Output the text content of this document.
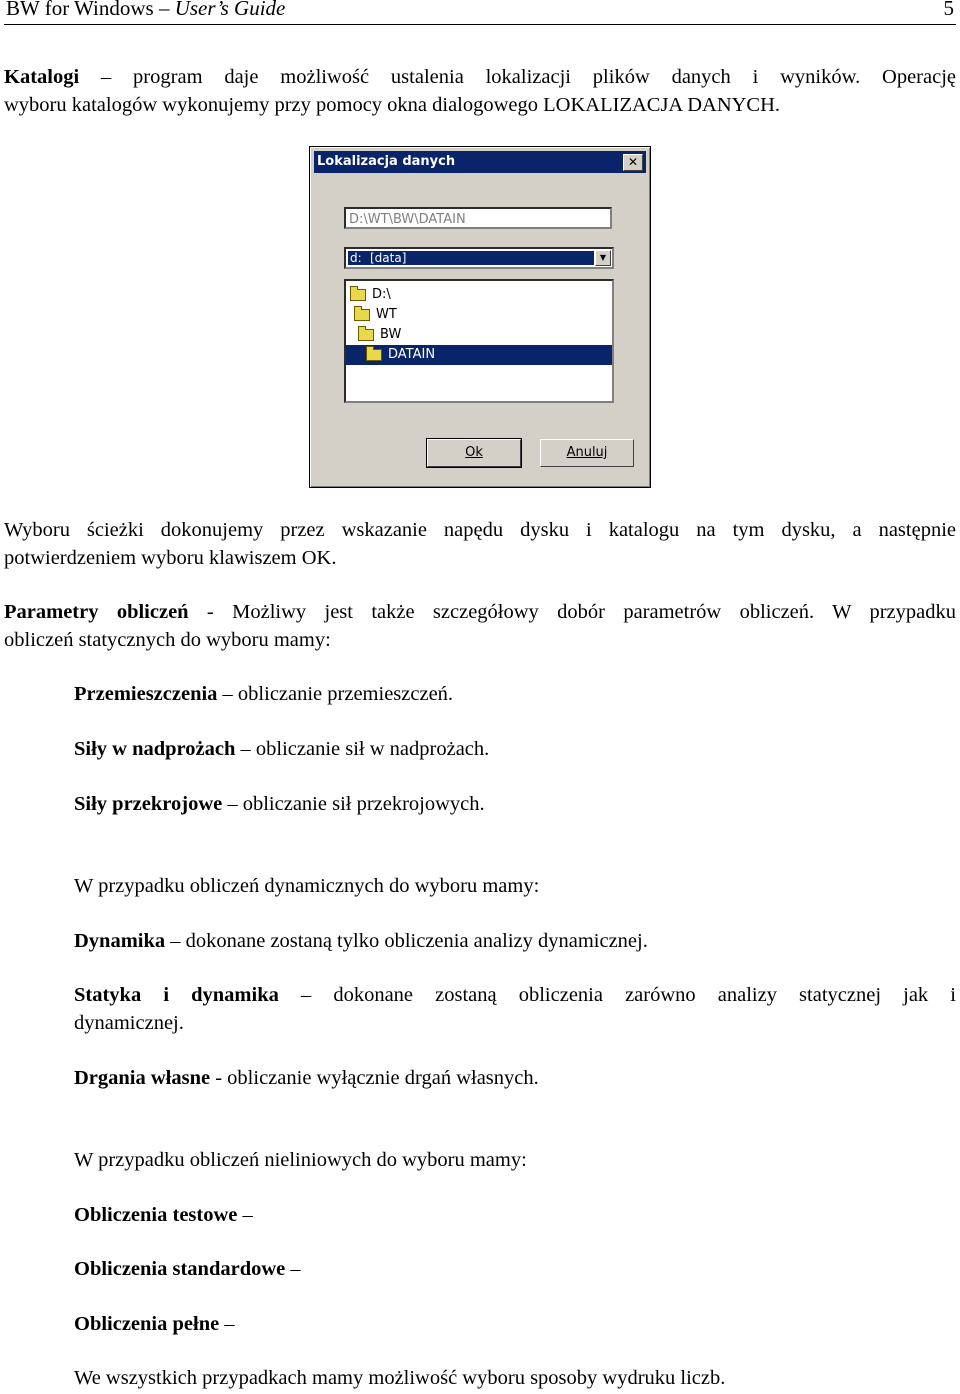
BW for Windows – User’s Guide	5
Katalogi – program daje możliwość ustalenia lokalizacji plików danych i wyników. Operację
wyboru katalogów wykonujemy przy pomocy okna dialogowego LOKALIZACJA DANYCH.
Lokalizacja danych	✕
D:\WT\BW\DATAIN
d: [data]	▼
D:\
WT
BW
DATAIN
Ok	Anuluj
Wyboru ścieżki dokonujemy przez wskazanie napędu dysku i katalogu na tym dysku, a następnie
potwierdzeniem wyboru klawiszem OK.
Parametry obliczeń - Możliwy jest także szczegółowy dobór parametrów obliczeń. W przypadku
obliczeń statycznych do wyboru mamy:
Przemieszczenia – obliczanie przemieszczeń.
Siły w nadprożach – obliczanie sił w nadprożach.
Siły przekrojowe – obliczanie sił przekrojowych.
W przypadku obliczeń dynamicznych do wyboru mamy:
Dynamika – dokonane zostaną tylko obliczenia analizy dynamicznej.
Statyka i dynamika – dokonane zostaną obliczenia zarówno analizy statycznej jak i
dynamicznej.
Drgania własne - obliczanie wyłącznie drgań własnych.
W przypadku obliczeń nieliniowych do wyboru mamy:
Obliczenia testowe –
Obliczenia standardowe –
Obliczenia pełne –
We wszystkich przypadkach mamy możliwość wyboru sposoby wydruku liczb.
